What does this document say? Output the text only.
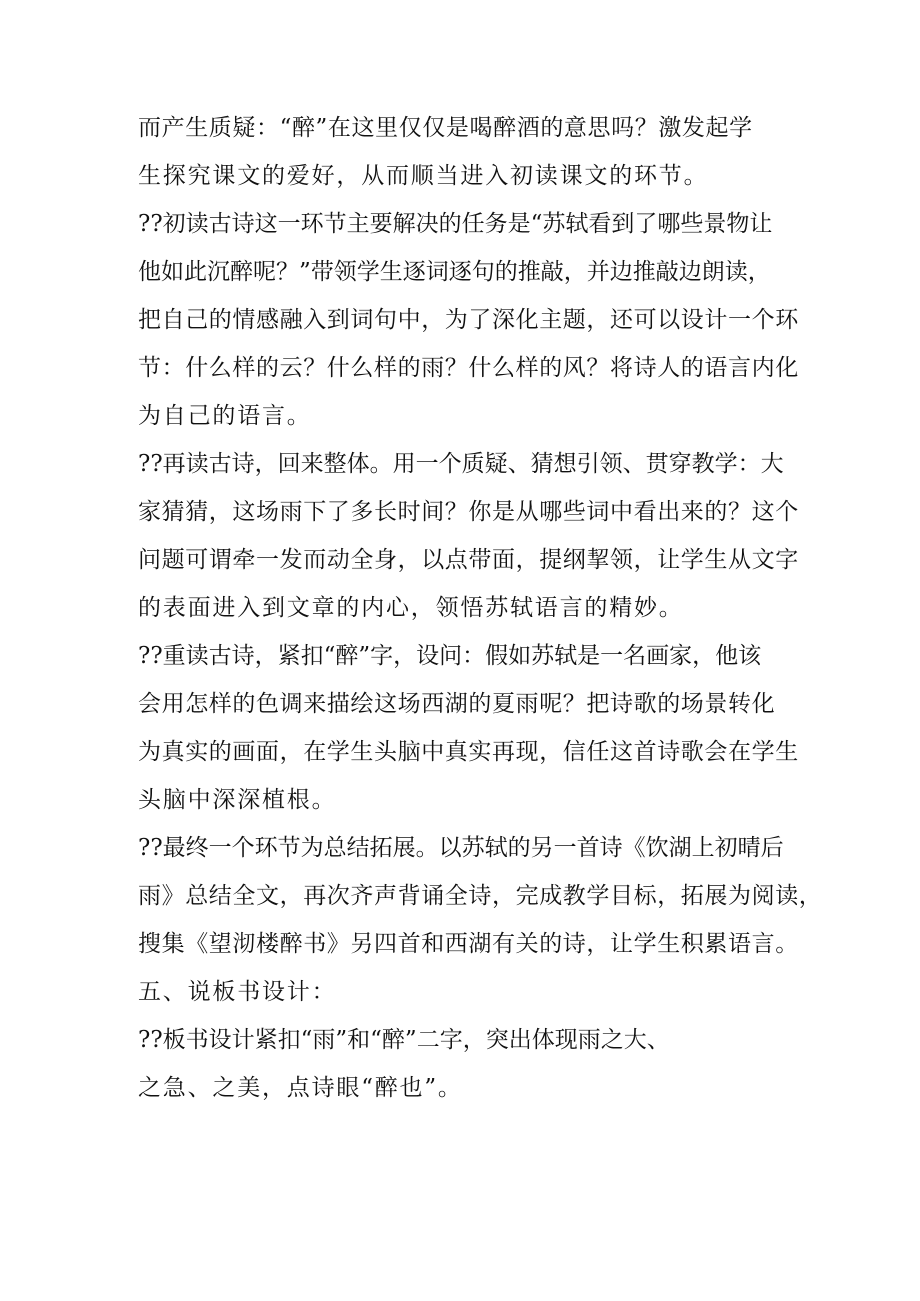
而产生质疑：“醉”在这里仅仅是喝醉酒的意思吗？激发起学
生探究课文的爱好，从而顺当进入初读课文的环节。
??初读古诗这一环节主要解决的任务是“苏轼看到了哪些景物让
他如此沉醉呢？”带领学生逐词逐句的推敲，并边推敲边朗读，
把自己的情感融入到词句中，为了深化主题，还可以设计一个环
节：什么样的云？什么样的雨？什么样的风？将诗人的语言内化
为自己的语言。
??再读古诗，回来整体。用一个质疑、猜想引领、贯穿教学：大
家猜猜，这场雨下了多长时间？你是从哪些词中看出来的？这个
问题可谓牵一发而动全身，以点带面，提纲挈领，让学生从文字
的表面进入到文章的内心，领悟苏轼语言的精妙。
??重读古诗，紧扣“醉”字，设问：假如苏轼是一名画家，他该
会用怎样的色调来描绘这场西湖的夏雨呢？把诗歌的场景转化
为真实的画面，在学生头脑中真实再现，信任这首诗歌会在学生
头脑中深深植根。
??最终一个环节为总结拓展。以苏轼的另一首诗《饮湖上初晴后
雨》总结全文，再次齐声背诵全诗，完成教学目标，拓展为阅读，
搜集《望沏楼醉书》另四首和西湖有关的诗，让学生积累语言。
五、说板书设计：
??板书设计紧扣“雨”和“醉”二字，突出体现雨之大、
之急、之美，点诗眼“醉也”。
